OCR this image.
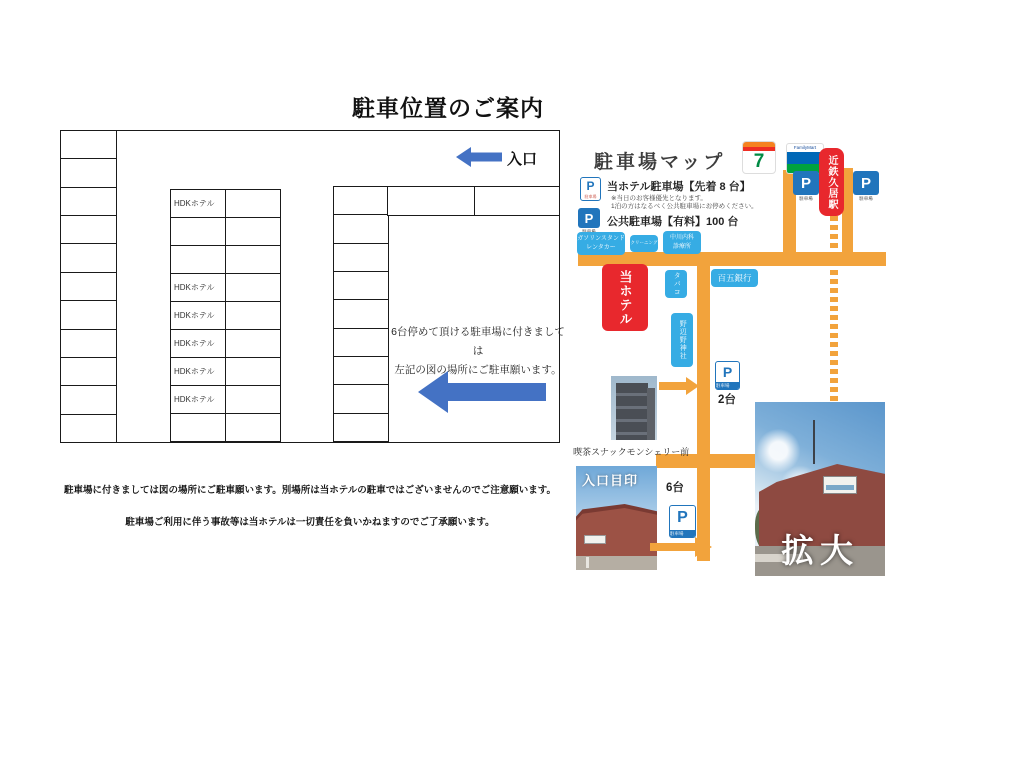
駐車位置のご案内
HDKホテル
HDKホテル
HDKホテル
HDKホテル
HDKホテル
HDKホテル
入口
6台停めて頂ける駐車場に付きましては
左記の図の場所にご駐車願います。
駐車場に付きましては図の場所にご駐車願います。別場所は当ホテルの駐車ではございませんのでご注意願います。
駐車場ご利用に伴う事故等は当ホテルは一切責任を負いかねますのでご了承願います。
駐車場マップ
P
駐車場
当ホテル駐車場【先着 8 台】
※当日のお客様優先となります。
1泊の方はなるべく公共駐車場にお停めください。
P	公共駐車場【有料】100 台
7
FamilyMart
近鉄久居駅
P
駐車場
P
駐車場
ガソリンスタンド
レンタカー
クリーニング
中川内科
診療所
当ホテル	タバコ	百五銀行
野辺野神社
P
駐車場
2台
喫茶スナックモンシェリー前
入口目印 6台
P
駐車場	拡大
